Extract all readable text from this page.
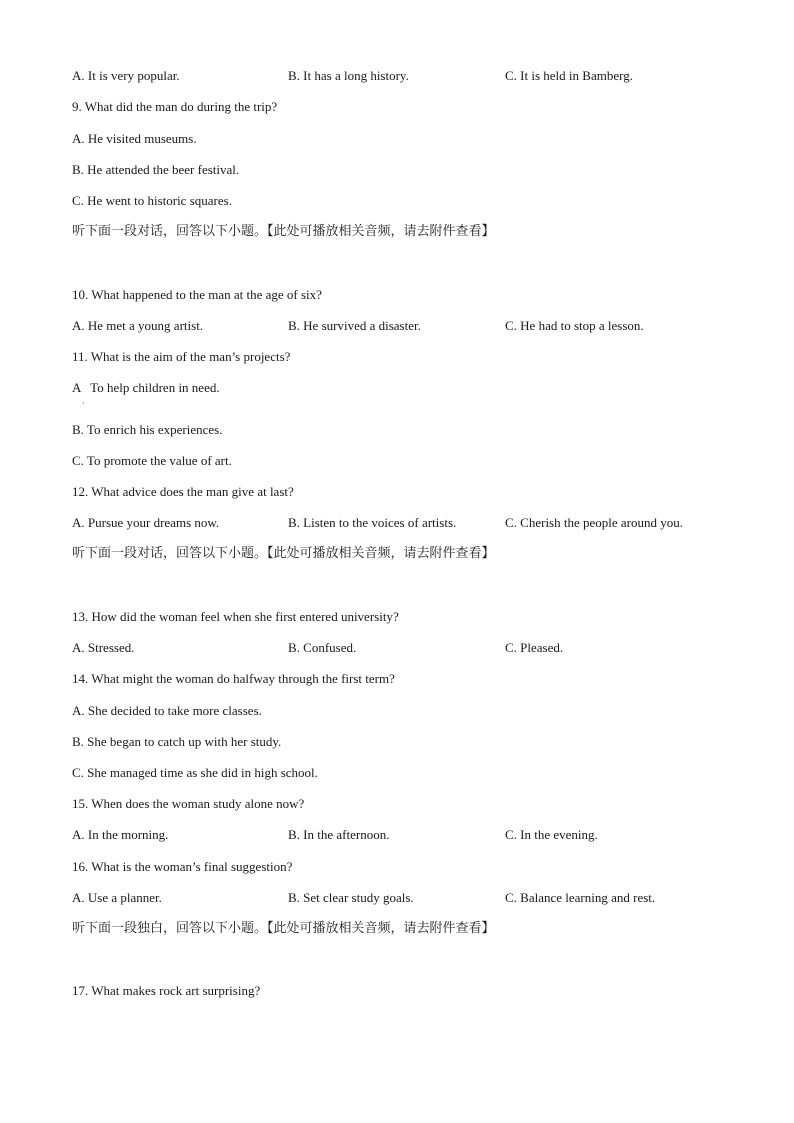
A. It is very popular.	B. It has a long history.	C. It is held in Bamberg.
9. What did the man do during the trip?
A. He visited museums.
B. He attended the beer festival.
C. He went to historic squares.
听下面一段对话，回答以下小题。【此处可播放相关音频，请去附件查看】
10. What happened to the man at the age of six?
A. He met a young artist.	B. He survived a disaster.	C. He had to stop a lesson.
11. What is the aim of the man’s projects?
A   To help children in need.
·
B. To enrich his experiences.
C. To promote the value of art.
12. What advice does the man give at last?
A. Pursue your dreams now.	B. Listen to the voices of artists.	C. Cherish the people around you.
听下面一段对话，回答以下小题。【此处可播放相关音频，请去附件查看】
13. How did the woman feel when she first entered university?
A. Stressed.	B. Confused.	C. Pleased.
14. What might the woman do halfway through the first term?
A. She decided to take more classes.
B. She began to catch up with her study.
C. She managed time as she did in high school.
15. When does the woman study alone now?
A. In the morning.	B. In the afternoon.	C. In the evening.
16. What is the woman’s final suggestion?
A. Use a planner.	B. Set clear study goals.	C. Balance learning and rest.
听下面一段独白，回答以下小题。【此处可播放相关音频，请去附件查看】
17. What makes rock art surprising?
